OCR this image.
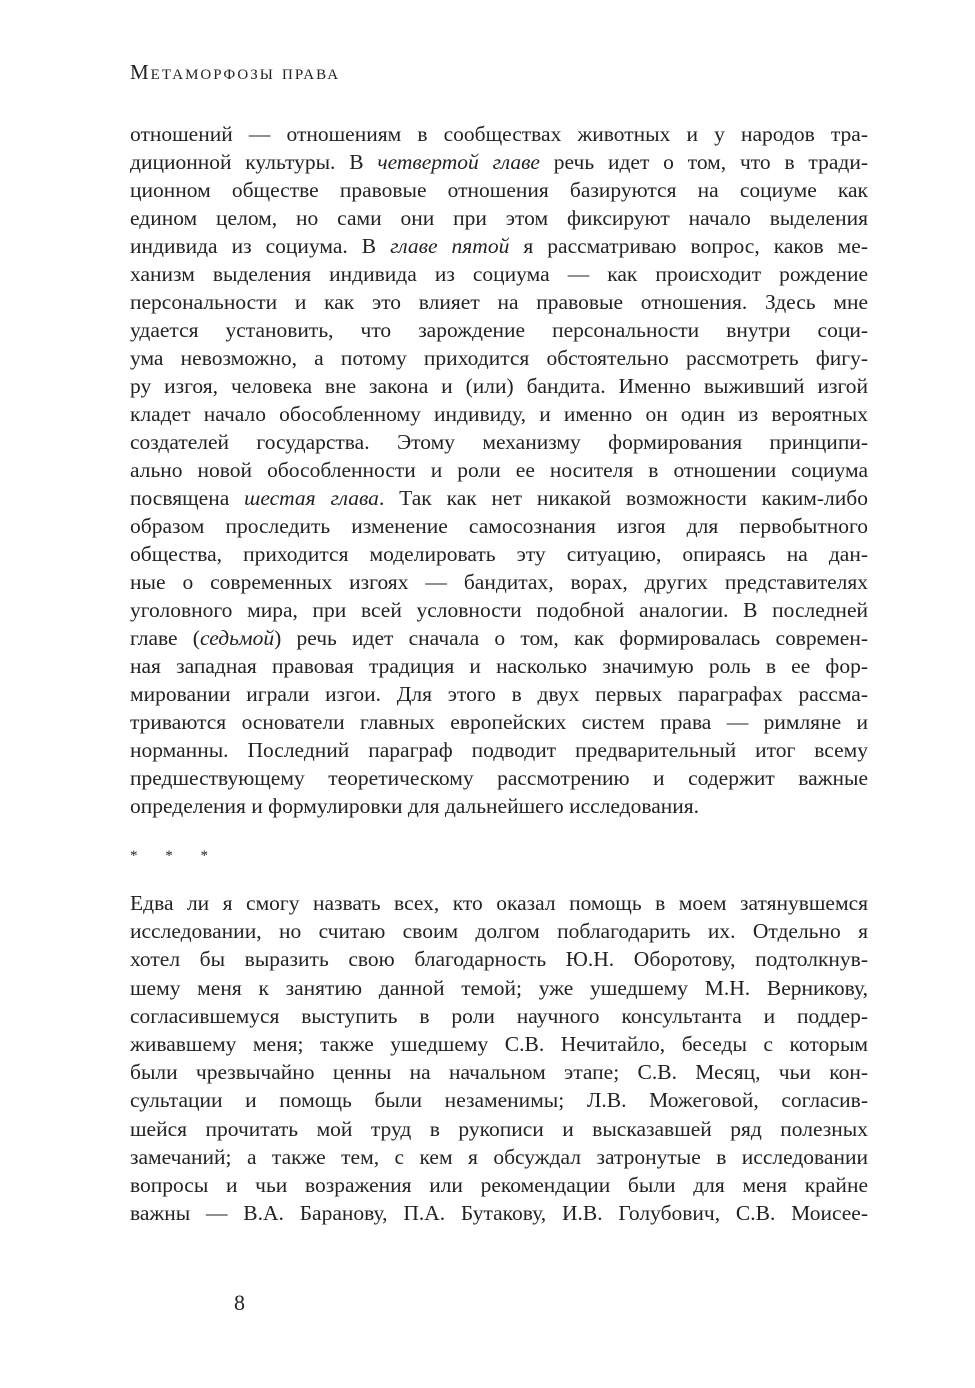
Метаморфозы права
отношений — отношениям в сообществах животных и у народов тра-
диционной культуры. В четвертой главе речь идет о том, что в тради-
ционном обществе правовые отношения базируются на социуме как
едином целом, но сами они при этом фиксируют начало выделения
индивида из социума. В главе пятой я рассматриваю вопрос, каков ме-
ханизм выделения индивида из социума — как происходит рождение
персональности и как это влияет на правовые отношения. Здесь мне
удается установить, что зарождение персональности внутри соци-
ума невозможно, а потому приходится обстоятельно рассмотреть фигу-
ру изгоя, человека вне закона и (или) бандита. Именно выживший изгой
кладет начало обособленному индивиду, и именно он один из вероятных
создателей государства. Этому механизму формирования принципи-
ально новой обособленности и роли ее носителя в отношении социума
посвящена шестая глава. Так как нет никакой возможности каким-либо
образом проследить изменение самосознания изгоя для первобытного
общества, приходится моделировать эту ситуацию, опираясь на дан-
ные о современных изгоях — бандитах, ворах, других представителях
уголовного мира, при всей условности подобной аналогии. В последней
главе (седьмой) речь идет сначала о том, как формировалась современ-
ная западная правовая традиция и насколько значимую роль в ее фор-
мировании играли изгои. Для этого в двух первых параграфах рассма-
триваются основатели главных европейских систем права — римляне и
норманны. Последний параграф подводит предварительный итог всему
предшествующему теоретическому рассмотрению и содержит важные
определения и формулировки для дальнейшего исследования.
* * *
Едва ли я смогу назвать всех, кто оказал помощь в моем затянувшемся
исследовании, но считаю своим долгом поблагодарить их. Отдельно я
хотел бы выразить свою благодарность Ю.Н. Оборотову, подтолкнув-
шему меня к занятию данной темой; уже ушедшему М.Н. Верникову,
согласившемуся выступить в роли научного консультанта и поддер-
живавшему меня; также ушедшему С.В. Нечитайло, беседы с которым
были чрезвычайно ценны на начальном этапе; С.В. Месяц, чьи кон-
сультации и помощь были незаменимы; Л.В. Можеговой, согласив-
шейся прочитать мой труд в рукописи и высказавшей ряд полезных
замечаний; а также тем, с кем я обсуждал затронутые в исследовании
вопросы и чьи возражения или рекомендации были для меня крайне
важны — В.А. Баранову, П.А. Бутакову, И.В. Голубович, С.В. Моисее-
8
